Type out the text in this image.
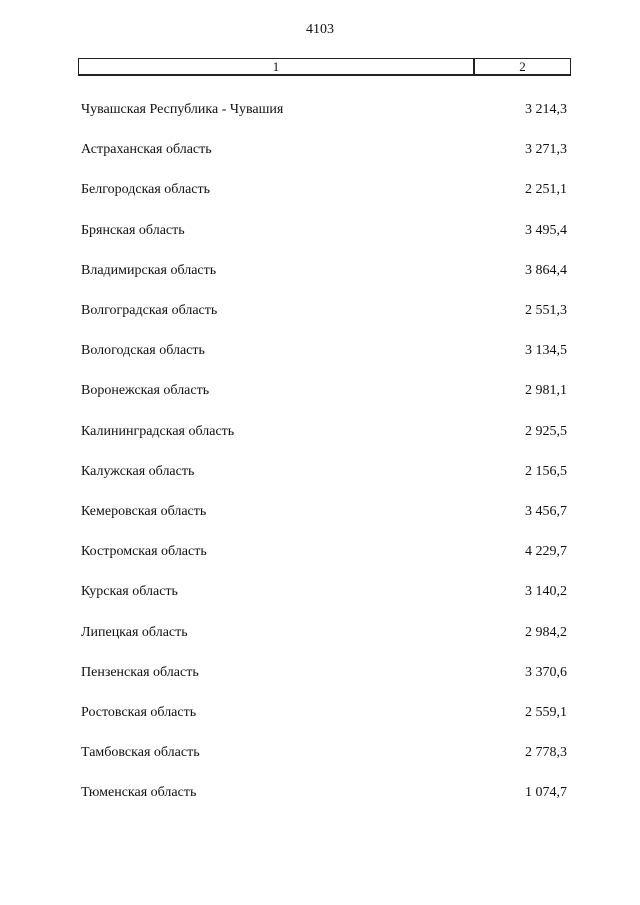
4103
1	2
Чувашская Республика - Чувашия	3 214,3
Астраханская область	3 271,3
Белгородская область	2 251,1
Брянская область	3 495,4
Владимирская область	3 864,4
Волгоградская область	2 551,3
Вологодская область	3 134,5
Воронежская область	2 981,1
Калининградская область	2 925,5
Калужская область	2 156,5
Кемеровская область	3 456,7
Костромская область	4 229,7
Курская область	3 140,2
Липецкая область	2 984,2
Пензенская область	3 370,6
Ростовская область	2 559,1
Тамбовская область	2 778,3
Тюменская область	1 074,7
